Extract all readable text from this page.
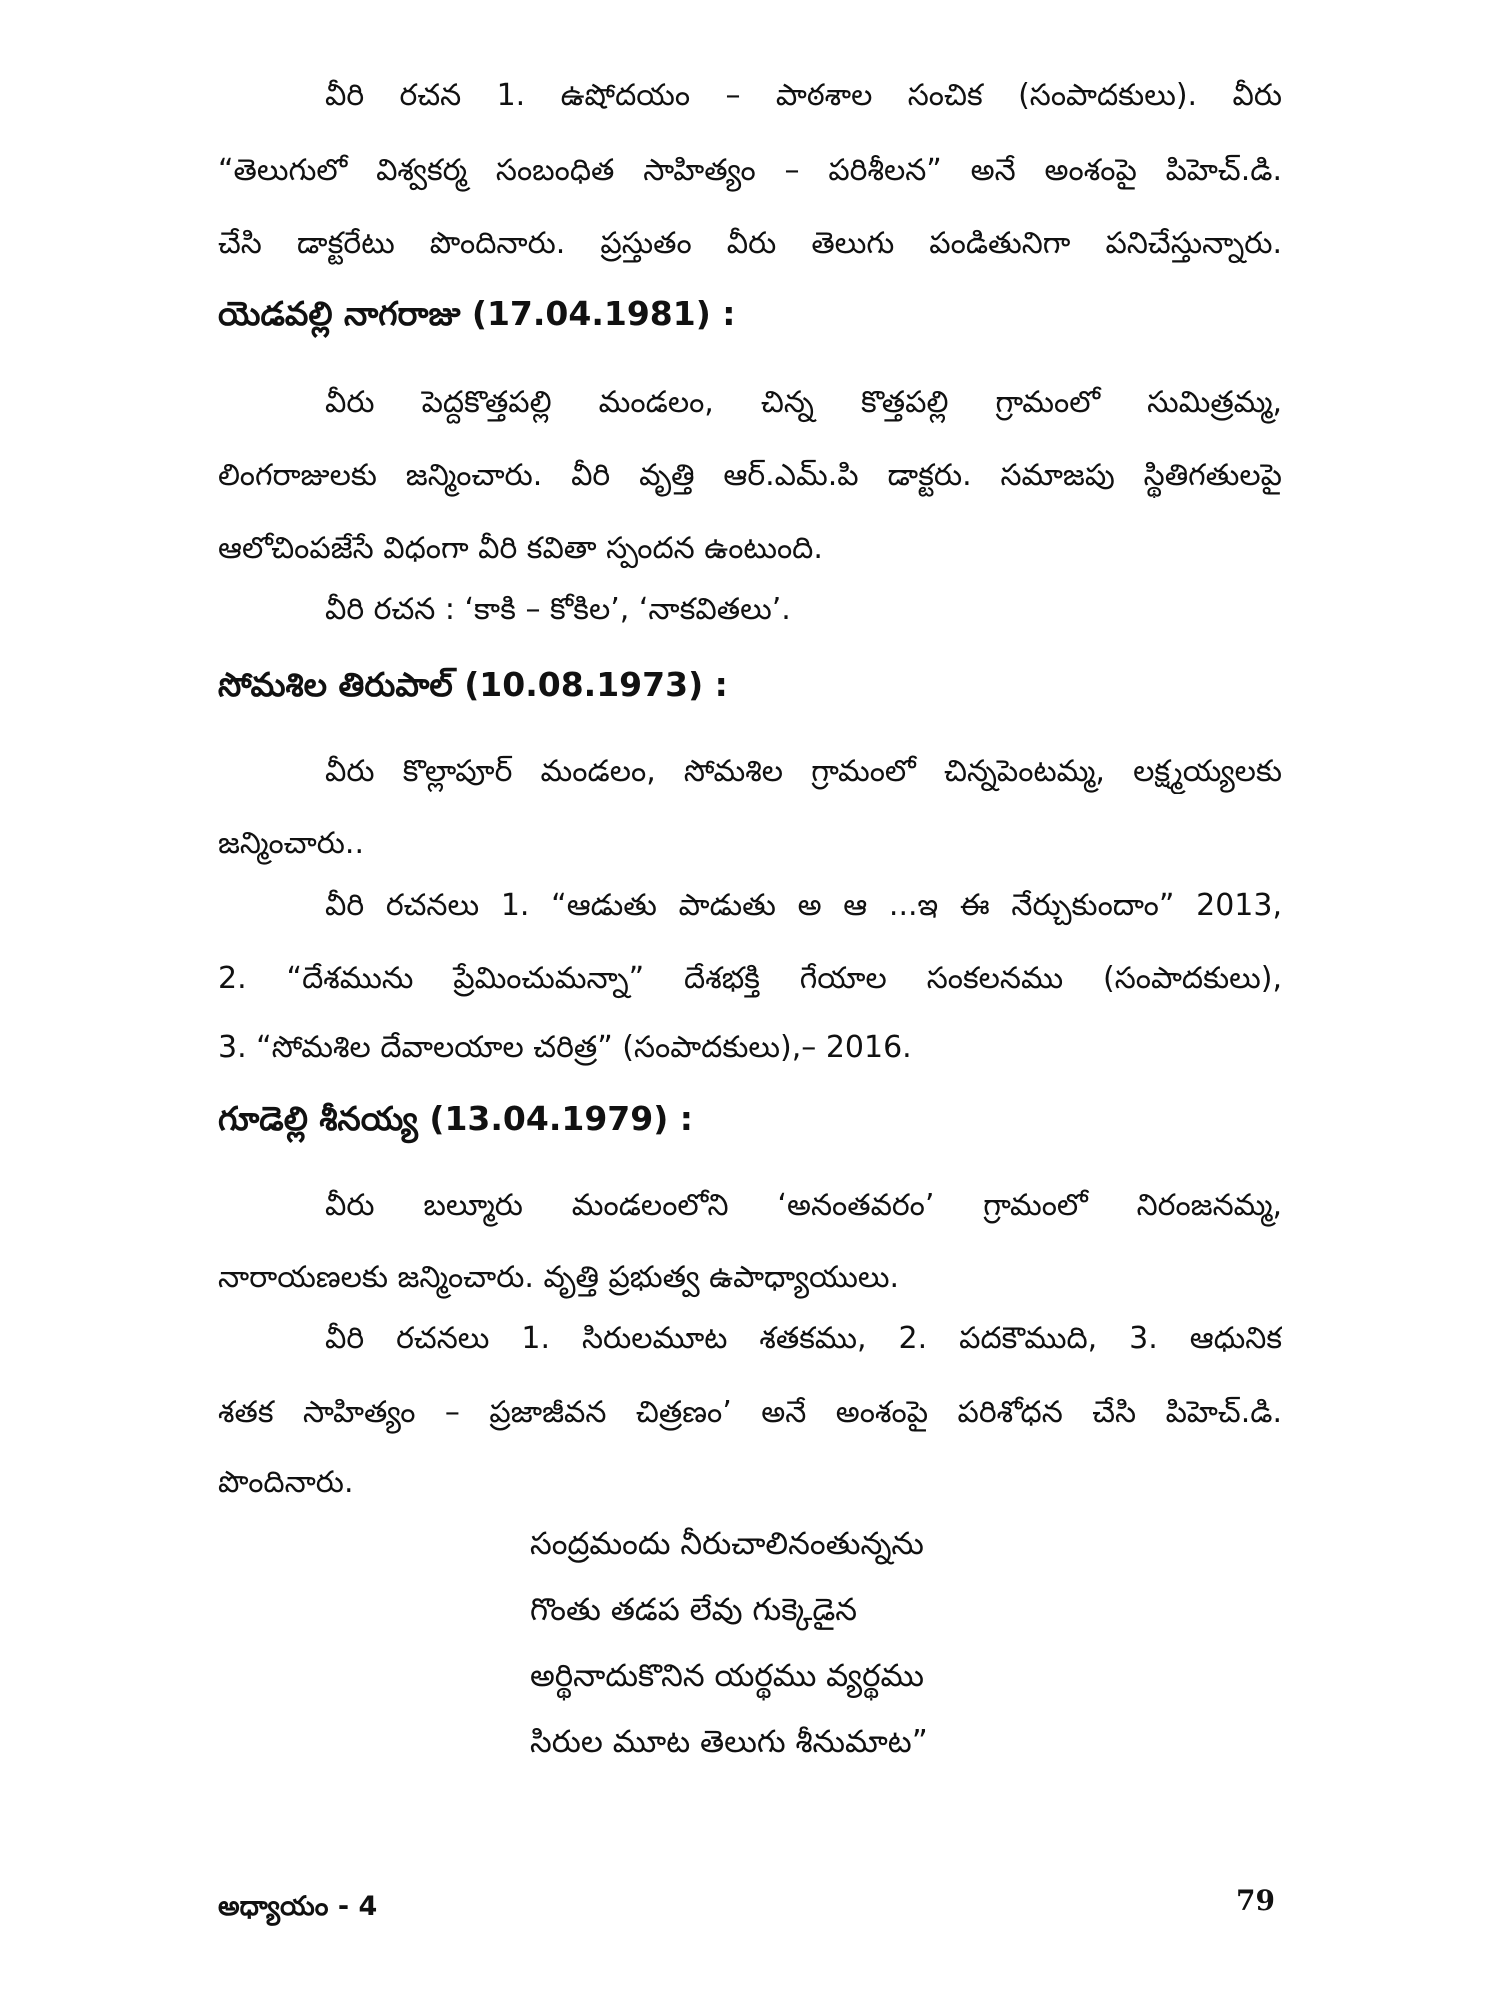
వీరి రచన 1. ఉషోదయం – పాఠశాల సంచిక (సంపాదకులు). వీరు
“తెలుగులో విశ్వకర్మ సంబంధిత సాహిత్యం – పరిశీలన” అనే అంశంపై పిహెచ్.డి.
చేసి డాక్టరేటు పొందినారు. ప్రస్తుతం వీరు తెలుగు పండితునిగా పనిచేస్తున్నారు.
యెడవల్లి నాగరాజు (17.04.1981) :
వీరు పెద్దకొత్తపల్లి మండలం, చిన్న కొత్తపల్లి గ్రామంలో సుమిత్రమ్మ,
లింగరాజులకు జన్మించారు. వీరి వృత్తి ఆర్.ఎమ్.పి డాక్టరు. సమాజపు స్థితిగతులపై
ఆలోచింపజేసే విధంగా వీరి కవితా స్పందన ఉంటుంది.
వీరి రచన : ‘కాకి – కోకిల’, ‘నాకవితలు’.
సోమశిల తిరుపాల్ (10.08.1973) :
వీరు కొల్లాపూర్ మండలం, సోమశిల గ్రామంలో చిన్నపెంటమ్మ, లక్ష్మయ్యలకు
జన్మించారు..
వీరి రచనలు 1. “ఆడుతు పాడుతు అ ఆ ...ఇ ఈ నేర్చుకుందాం” 2013,
2. “దేశమును ప్రేమించుమన్నా” దేశభక్తి గేయాల సంకలనము (సంపాదకులు),
3. “సోమశిల దేవాలయాల చరిత్ర” (సంపాదకులు),– 2016.
గూడెల్లి శీనయ్య (13.04.1979) :
వీరు బల్మూరు మండలంలోని ‘అనంతవరం’ గ్రామంలో నిరంజనమ్మ,
నారాయణలకు జన్మించారు. వృత్తి ప్రభుత్వ ఉపాధ్యాయులు.
వీరి రచనలు 1. సిరులమూట శతకము, 2. పదకౌముది, 3. ఆధునిక
శతక సాహిత్యం – ప్రజాజీవన చిత్రణం’ అనే అంశంపై పరిశోధన చేసి పిహెచ్.డి.
పొందినారు.
సంద్రమందు నీరుచాలినంతున్నను
గొంతు తడప లేవు గుక్కెడైన
అర్థినాదుకొనిన యర్థము వ్యర్థము
సిరుల మూట తెలుగు శీనుమాట”
అధ్యాయం - 4	79
